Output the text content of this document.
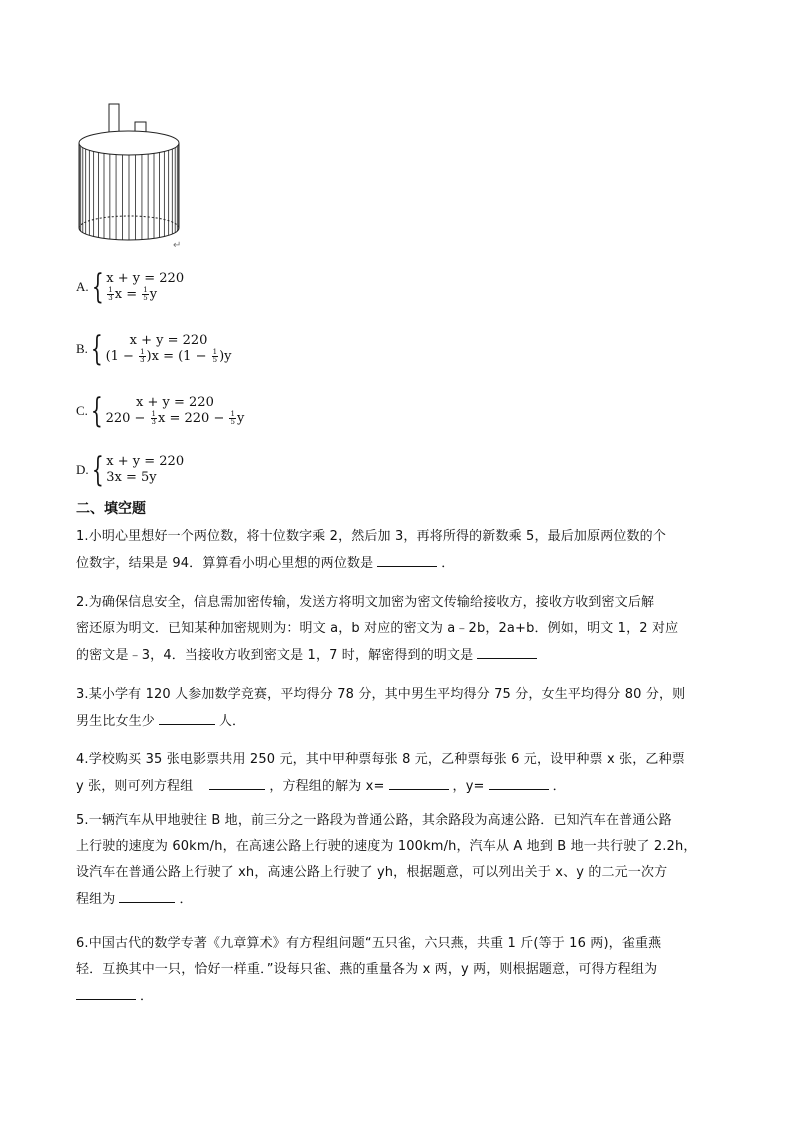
↵
A. { x + y = 220
$\frac{1}{3}$ $x = \frac{1}{5}$ y
B. {	x + y = 220
$(1 - \frac{1}{3} )x = (1 - \frac{1}{5} )y$
C. {	x + y = 220
$220 - \frac{1}{3}$ $x = 220 - \frac{1}{5}$ y
D. { x + y = 220
3x = 5y
二、填空题
1.小明心里想好一个两位数，将十位数字乘 2，然后加 3，再将所得的新数乘 5，最后加原两位数的个
位数字，结果是 94．算算看小明心里想的两位数是	．
2.为确保信息安全，信息需加密传输，发送方将明文加密为密文传输给接收方，接收方收到密文后解
密还原为明文．已知某种加密规则为：明文 a，b 对应的密文为 a﹣2b，2a+b．例如，明文 1，2 对应
的密文是﹣3，4．当接收方收到密文是 1，7 时，解密得到的明文是
3.某小学有 120 人参加数学竞赛，平均得分 78 分，其中男生平均得分 75 分，女生平均得分 80 分，则
男生比女生少	人．
4.学校购买 35 张电影票共用 250 元，其中甲种票每张 8 元，乙种票每张 6 元，设甲种票 x 张，乙种票
y 张，则可列方程组	，方程组的解为 x=	，y=	．
5.一辆汽车从甲地驶往 B 地，前三分之一路段为普通公路，其余路段为高速公路．已知汽车在普通公路
上行驶的速度为 60km/h，在高速公路上行驶的速度为 100km/h，汽车从 A 地到 B 地一共行驶了 2.2h，
设汽车在普通公路上行驶了 xh，高速公路上行驶了 yh，根据题意，可以列出关于 x、y 的二元一次方
程组为	．
6.中国古代的数学专著《九章算术》有方程组问题“五只雀，六只燕，共重 1 斤(等于 16 两)，雀重燕
轻．互换其中一只，恰好一样重．”设每只雀、燕的重量各为 x 两，y 两，则根据题意，可得方程组为
．
